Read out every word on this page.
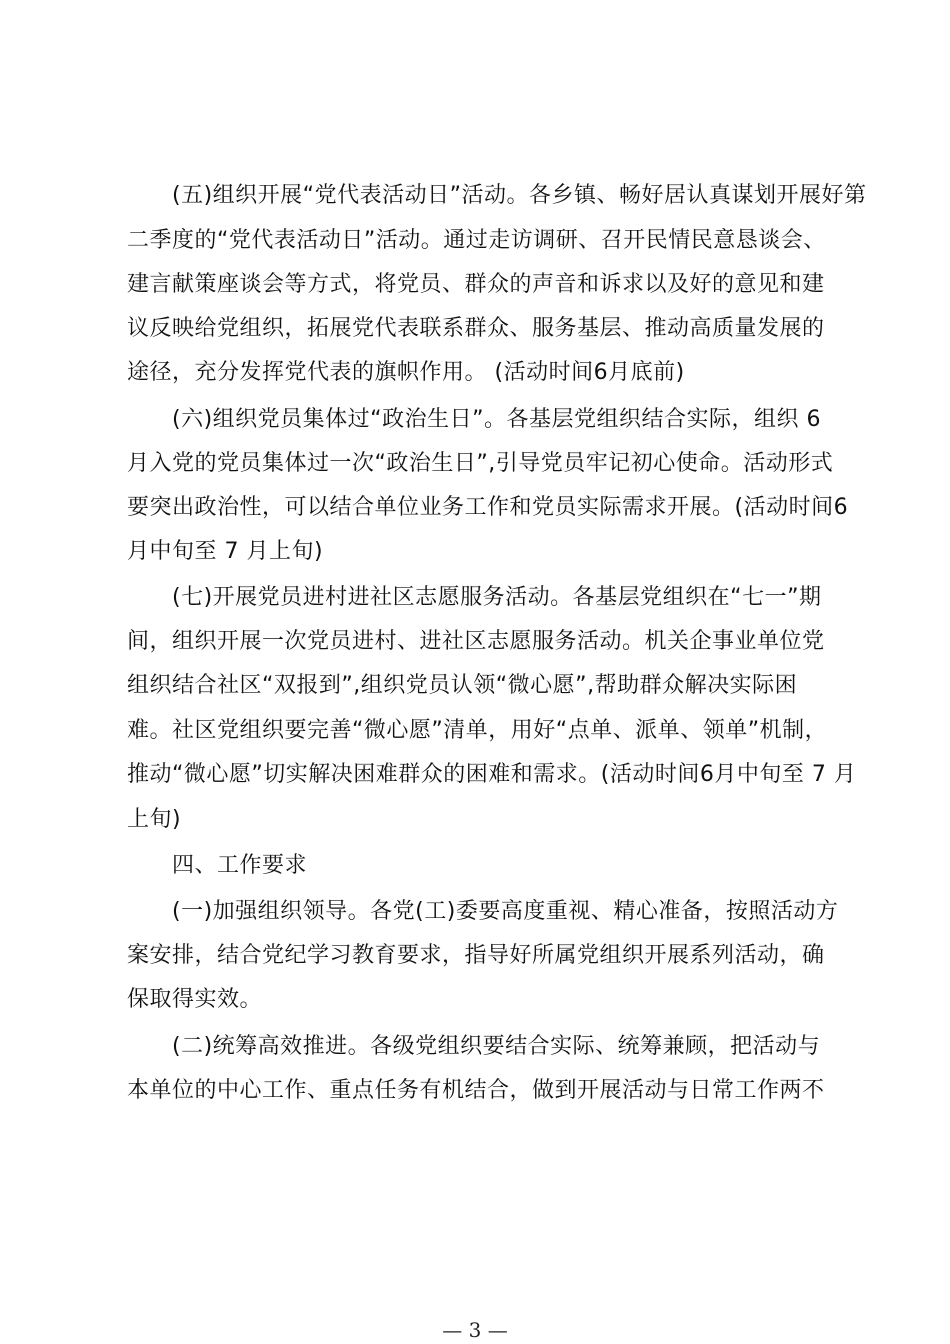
(五)组织开展“党代表活动日”活动。各乡镇、畅好居认真谋划开展好第
二季度的“党代表活动日”活动。通过走访调研、召开民情民意恳谈会、
建言献策座谈会等方式，将党员、群众的声音和诉求以及好的意见和建
议反映给党组织，拓展党代表联系群众、服务基层、推动高质量发展的
途径，充分发挥党代表的旗帜作用。 (活动时间6月底前)
(六)组织党员集体过“政治生日”。各基层党组织结合实际，组织 6
月入党的党员集体过一次“政治生日”,引导党员牢记初心使命。活动形式
要突出政治性，可以结合单位业务工作和党员实际需求开展。(活动时间6
月中旬至 7 月上旬)
(七)开展党员进村进社区志愿服务活动。各基层党组织在“七一”期
间，组织开展一次党员进村、进社区志愿服务活动。机关企事业单位党
组织结合社区“双报到”,组织党员认领“微心愿”,帮助群众解决实际困
难。社区党组织要完善“微心愿”清单，用好“点单、派单、领单”机制，
推动“微心愿”切实解决困难群众的困难和需求。(活动时间6月中旬至 7 月
上旬)
四、工作要求
(一)加强组织领导。各党(工)委要高度重视、精心准备，按照活动方
案安排，结合党纪学习教育要求，指导好所属党组织开展系列活动，确
保取得实效。
(二)统筹高效推进。各级党组织要结合实际、统筹兼顾，把活动与
本单位的中心工作、重点任务有机结合，做到开展活动与日常工作两不
— 3 —
